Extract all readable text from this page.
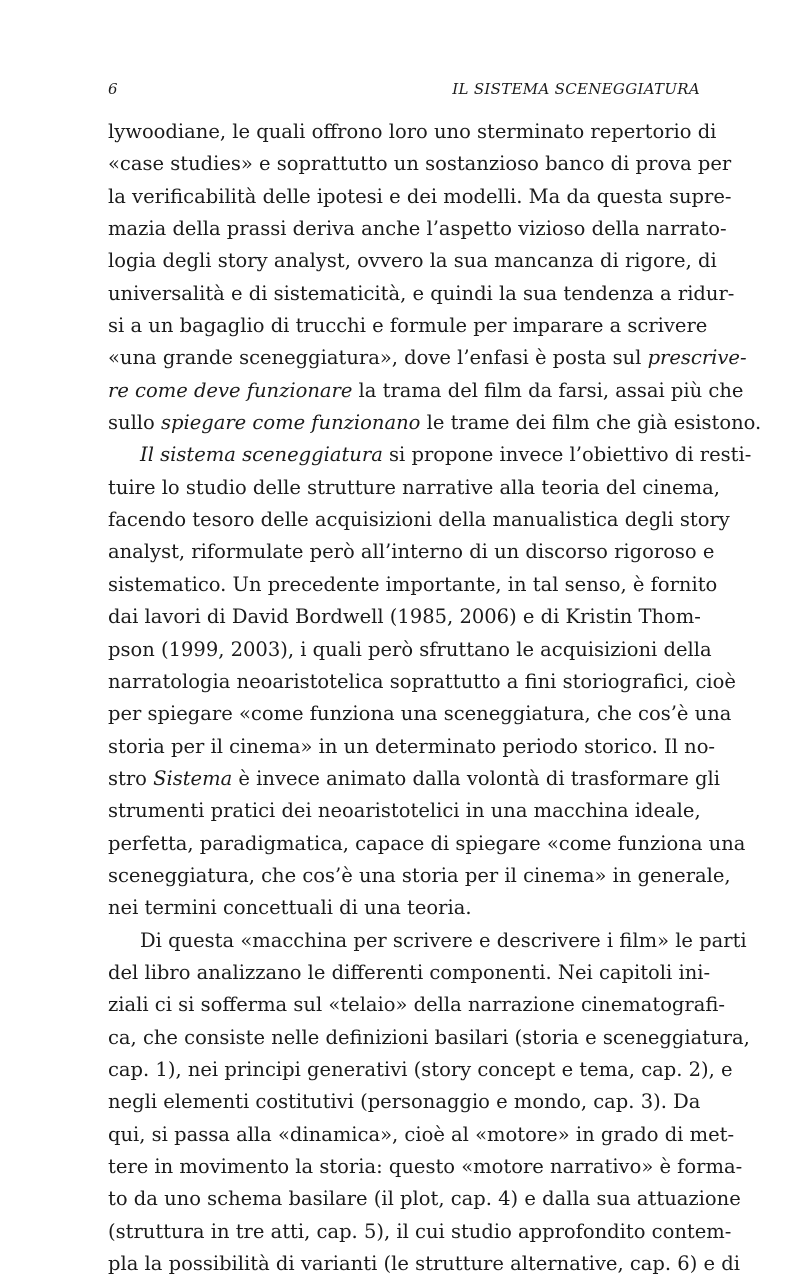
6	IL SISTEMA SCENEGGIATURA
lywoodiane, le quali offrono loro uno sterminato repertorio di
«case studies» e soprattutto un sostanzioso banco di prova per
la verificabilità delle ipotesi e dei modelli. Ma da questa supre-
mazia della prassi deriva anche l’aspetto vizioso della narrato-
logia degli story analyst, ovvero la sua mancanza di rigore, di
universalità e di sistematicità, e quindi la sua tendenza a ridur-
si a un bagaglio di trucchi e formule per imparare a scrivere
«una grande sceneggiatura», dove l’enfasi è posta sul prescrive-
re come deve funzionare la trama del film da farsi, assai più che
sullo spiegare come funzionano le trame dei film che già esistono.
Il sistema sceneggiatura si propone invece l’obiettivo di resti-
tuire lo studio delle strutture narrative alla teoria del cinema,
facendo tesoro delle acquisizioni della manualistica degli story
analyst, riformulate però all’interno di un discorso rigoroso e
sistematico. Un precedente importante, in tal senso, è fornito
dai lavori di David Bordwell (1985, 2006) e di Kristin Thom-
pson (1999, 2003), i quali però sfruttano le acquisizioni della
narratologia neoaristotelica soprattutto a fini storiografici, cioè
per spiegare «come funziona una sceneggiatura, che cos’è una
storia per il cinema» in un determinato periodo storico. Il no-
stro Sistema è invece animato dalla volontà di trasformare gli
strumenti pratici dei neoaristotelici in una macchina ideale,
perfetta, paradigmatica, capace di spiegare «come funziona una
sceneggiatura, che cos’è una storia per il cinema» in generale,
nei termini concettuali di una teoria.
Di questa «macchina per scrivere e descrivere i film» le parti
del libro analizzano le differenti componenti. Nei capitoli ini-
ziali ci si sofferma sul «telaio» della narrazione cinematografi-
ca, che consiste nelle definizioni basilari (storia e sceneggiatura,
cap. 1), nei principi generativi (story concept e tema, cap. 2), e
negli elementi costitutivi (personaggio e mondo, cap. 3). Da
qui, si passa alla «dinamica», cioè al «motore» in grado di met-
tere in movimento la storia: questo «motore narrativo» è forma-
to da uno schema basilare (il plot, cap. 4) e dalla sua attuazione
(struttura in tre atti, cap. 5), il cui studio approfondito contem-
pla la possibilità di varianti (le strutture alternative, cap. 6) e di
